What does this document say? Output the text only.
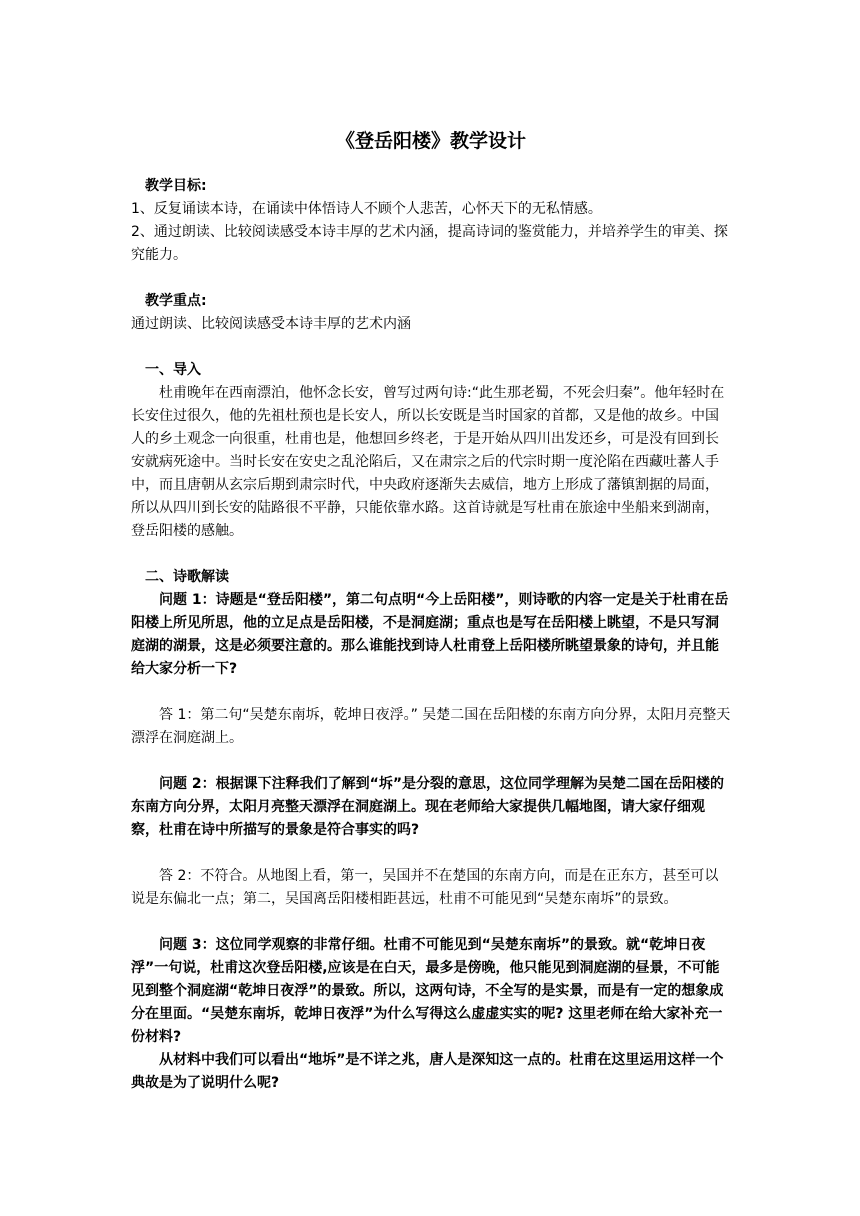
《登岳阳楼》教学设计

教学目标:

1、反复诵读本诗，在诵读中体悟诗人不顾个人悲苦，心怀天下的无私情感。

2、通过朗读、比较阅读感受本诗丰厚的艺术内涵，提高诗词的鉴赏能力，并培养学生的审美、探究能力。

教学重点:

通过朗读、比较阅读感受本诗丰厚的艺术内涵

一、导入

杜甫晚年在西南漂泊，他怀念长安，曾写过两句诗:“此生那老蜀，不死会归秦”。他年轻时在长安住过很久，他的先祖杜预也是长安人，所以长安既是当时国家的首都，又是他的故乡。中国人的乡土观念一向很重，杜甫也是，他想回乡终老，于是开始从四川出发还乡，可是没有回到长安就病死途中。当时长安在安史之乱沦陷后，又在肃宗之后的代宗时期一度沦陷在西藏吐蕃人手中，而且唐朝从玄宗后期到肃宗时代，中央政府逐渐失去威信，地方上形成了藩镇割据的局面，所以从四川到长安的陆路很不平静，只能依靠水路。这首诗就是写杜甫在旅途中坐船来到湖南，登岳阳楼的感触。

二、诗歌解读

问题 1：诗题是“登岳阳楼”，第二句点明“今上岳阳楼”，则诗歌的内容一定是关于杜甫在岳阳楼上所见所思，他的立足点是岳阳楼，不是洞庭湖；重点也是写在岳阳楼上眺望，不是只写洞庭湖的湖景，这是必须要注意的。那么谁能找到诗人杜甫登上岳阳楼所眺望景象的诗句，并且能给大家分析一下?

答 1：第二句“吴楚东南坼，乾坤日夜浮。” 吴楚二国在岳阳楼的东南方向分界，太阳月亮整天漂浮在洞庭湖上。

问题 2：根据课下注释我们了解到“坼”是分裂的意思，这位同学理解为吴楚二国在岳阳楼的东南方向分界，太阳月亮整天漂浮在洞庭湖上。现在老师给大家提供几幅地图，请大家仔细观察，杜甫在诗中所描写的景象是符合事实的吗?

答 2：不符合。从地图上看，第一，吴国并不在楚国的东南方向，而是在正东方，甚至可以说是东偏北一点；第二，吴国离岳阳楼相距甚远，杜甫不可能见到“吴楚东南坼”的景致。

问题 3：这位同学观察的非常仔细。杜甫不可能见到“吴楚东南坼”的景致。就“乾坤日夜浮”一句说，杜甫这次登岳阳楼,应该是在白天，最多是傍晚，他只能见到洞庭湖的昼景，不可能见到整个洞庭湖“乾坤日夜浮”的景致。所以，这两句诗，不全写的是实景，而是有一定的想象成分在里面。“吴楚东南坼，乾坤日夜浮”为什么写得这么虚虚实实的呢? 这里老师在给大家补充一份材料?

从材料中我们可以看出“地坼”是不详之兆，唐人是深知这一点的。杜甫在这里运用这样一个典故是为了说明什么呢?
